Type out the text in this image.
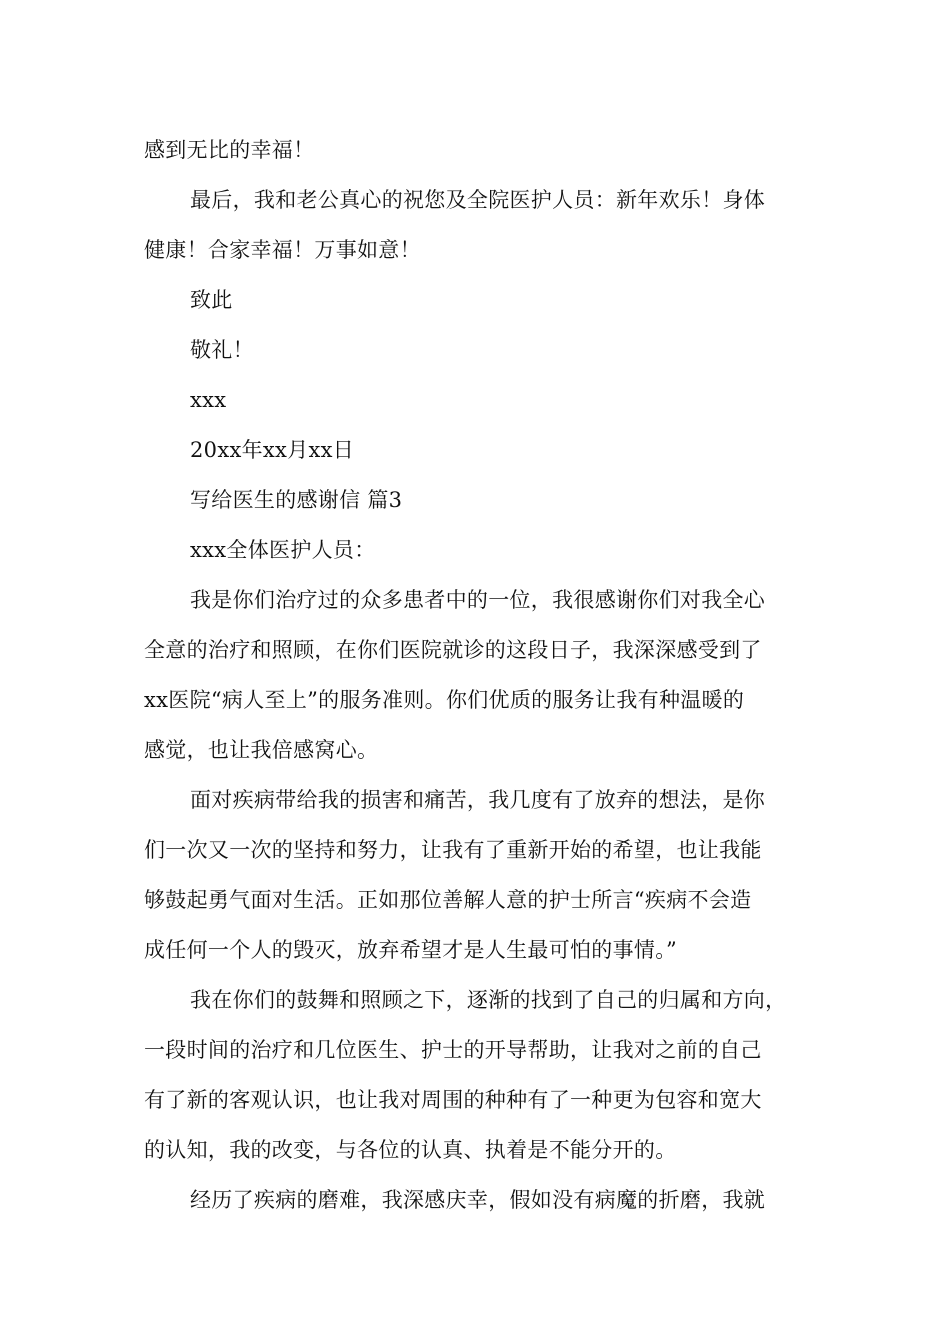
感到无比的幸福！
最后，我和老公真心的祝您及全院医护人员：新年欢乐！身体
健康！合家幸福！万事如意！
致此
敬礼！
xxx
20xx年xx月xx日
写给医生的感谢信 篇3
xxx全体医护人员：
我是你们治疗过的众多患者中的一位，我很感谢你们对我全心
全意的治疗和照顾，在你们医院就诊的这段日子，我深深感受到了
xx医院“病人至上”的服务准则。你们优质的服务让我有种温暖的
感觉，也让我倍感窝心。
面对疾病带给我的损害和痛苦，我几度有了放弃的想法，是你
们一次又一次的坚持和努力，让我有了重新开始的希望，也让我能
够鼓起勇气面对生活。正如那位善解人意的护士所言“疾病不会造
成任何一个人的毁灭，放弃希望才是人生最可怕的事情。”
我在你们的鼓舞和照顾之下，逐渐的找到了自己的归属和方向，
一段时间的治疗和几位医生、护士的开导帮助，让我对之前的自己
有了新的客观认识，也让我对周围的种种有了一种更为包容和宽大
的认知，我的改变，与各位的认真、执着是不能分开的。
经历了疾病的磨难，我深感庆幸，假如没有病魔的折磨，我就
